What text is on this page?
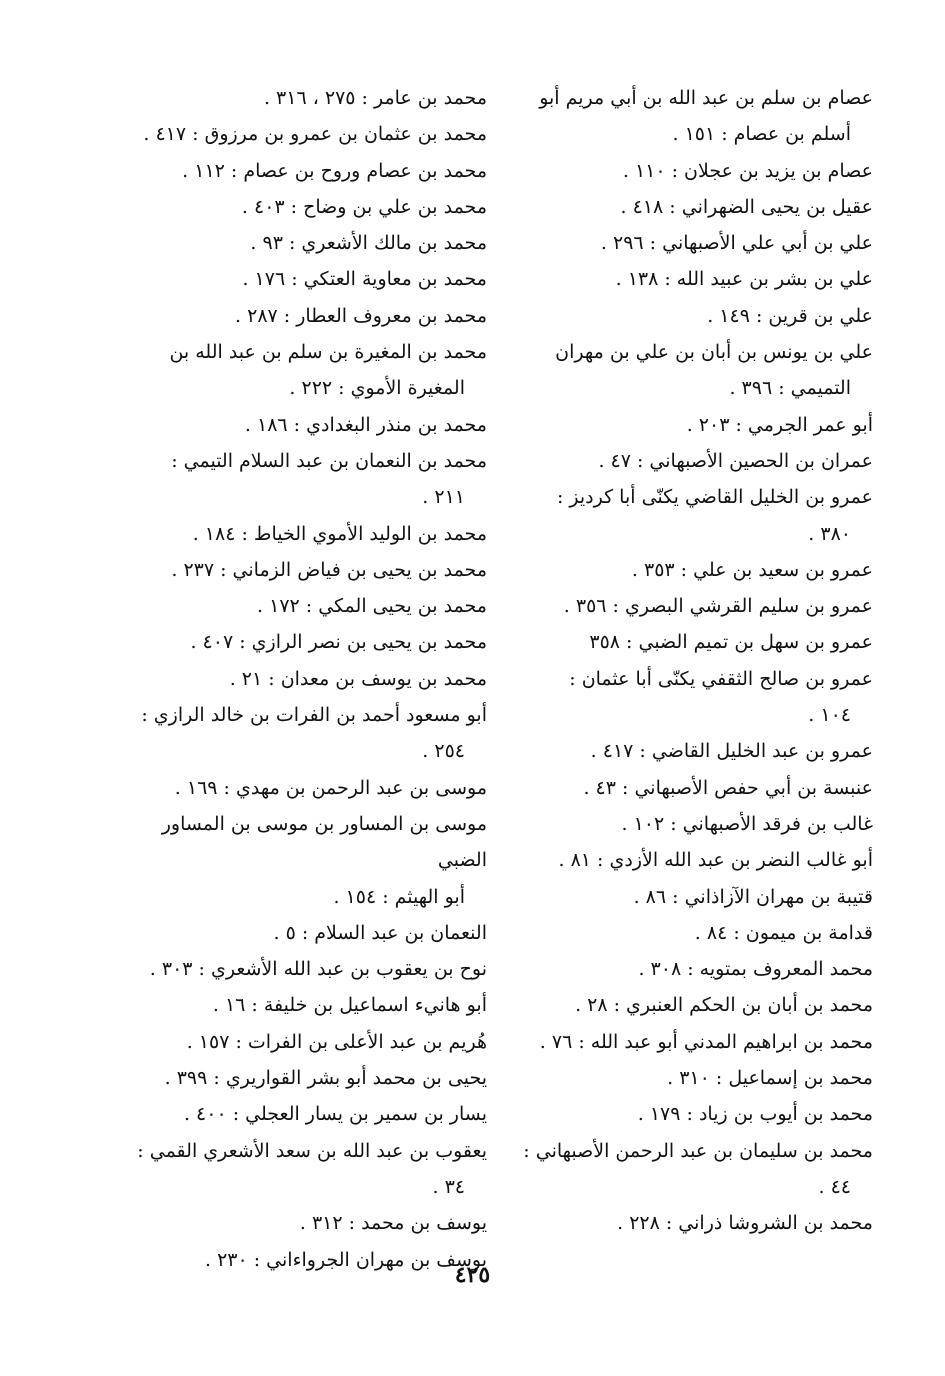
عصام بن سلم بن عبد الله بن أبي مريم أبو
أسلم بن عصام : ١٥١ .
عصام بن يزيد بن عجلان : ١١٠ .
عقيل بن يحيى الضهراني : ٤١٨ .
علي بن أبي علي الأصبهاني : ٢٩٦ .
علي بن بشر بن عبيد الله : ١٣٨ .
علي بن قرين : ١٤٩ .
علي بن يونس بن أبان بن علي بن مهران
التميمي : ٣٩٦ .
أبو عمر الجرمي : ٢٠٣ .
عمران بن الحصين الأصبهاني : ٤٧ .
عمرو بن الخليل القاضي يكنّى أبا كرديز :
٣٨٠ .
عمرو بن سعيد بن علي : ٣٥٣ .
عمرو بن سليم القرشي البصري : ٣٥٦ .
عمرو بن سهل بن تميم الضبي : ٣٥٨
عمرو بن صالح الثقفي يكنّى أبا عثمان :
١٠٤ .
عمرو بن عبد الخليل القاضي : ٤١٧ .
عنبسة بن أبي حفص الأصبهاني : ٤٣ .
غالب بن فرقد الأصبهاني : ١٠٢ .
أبو غالب النضر بن عبد الله الأزدي : ٨١ .
قتيبة بن مهران الآزاذاني : ٨٦ .
قدامة بن ميمون : ٨٤ .
محمد المعروف بمتويه : ٣٠٨ .
محمد بن أبان بن الحكم العنبري : ٢٨ .
محمد بن ابراهيم المدني أبو عبد الله : ٧٦ .
محمد بن إسماعيل : ٣١٠ .
محمد بن أيوب بن زياد : ١٧٩ .
محمد بن سليمان بن عبد الرحمن الأصبهاني :
٤٤ .
محمد بن الشروشا ذراني : ٢٢٨ .
محمد بن عامر : ٢٧٥ ، ٣١٦ .
محمد بن عثمان بن عمرو بن مرزوق : ٤١٧ .
محمد بن عصام وروح بن عصام : ١١٢ .
محمد بن علي بن وضاح : ٤٠٣ .
محمد بن مالك الأشعري : ٩٣ .
محمد بن معاوية العتكي : ١٧٦ .
محمد بن معروف العطار : ٢٨٧ .
محمد بن المغيرة بن سلم بن عبد الله بن
المغيرة الأموي : ٢٢٢ .
محمد بن منذر البغدادي : ١٨٦ .
محمد بن النعمان بن عبد السلام التيمي :
٢١١ .
محمد بن الوليد الأموي الخياط : ١٨٤ .
محمد بن يحيى بن فياض الزماني : ٢٣٧ .
محمد بن يحيى المكي : ١٧٢ .
محمد بن يحيى بن نصر الرازي : ٤٠٧ .
محمد بن يوسف بن معدان : ٢١ .
أبو مسعود أحمد بن الفرات بن خالد الرازي :
٢٥٤ .
موسى بن عبد الرحمن بن مهدي : ١٦٩ .
موسى بن المساور بن موسى بن المساور الضبي
أبو الهيثم : ١٥٤ .
النعمان بن عبد السلام : ٥ .
نوح بن يعقوب بن عبد الله الأشعري : ٣٠٣ .
أبو هانيء اسماعيل بن خليفة : ١٦ .
هُريم بن عبد الأعلى بن الفرات : ١٥٧ .
يحيى بن محمد أبو بشر القواريري : ٣٩٩ .
يسار بن سمير بن يسار العجلي : ٤٠٠ .
يعقوب بن عبد الله بن سعد الأشعري القمي :
٣٤ .
يوسف بن محمد : ٣١٢ .
يوسف بن مهران الجرواءاني : ٢٣٠ .
٤٢٥
